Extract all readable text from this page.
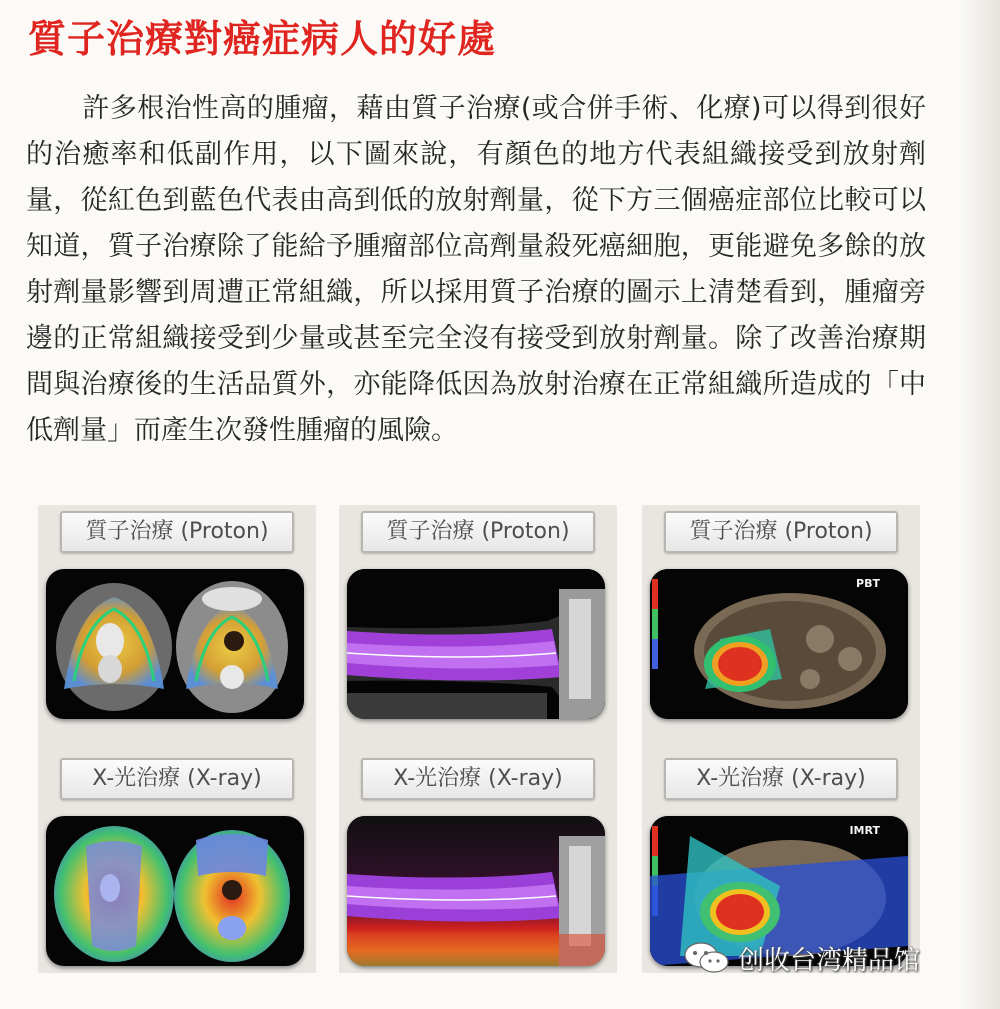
質子治療對癌症病人的好處

許多根治性高的腫瘤，藉由質子治療(或合併手術、化療)可以得到很好的治癒率和低副作用，以下圖來說，有顏色的地方代表組織接受到放射劑量，從紅色到藍色代表由高到低的放射劑量，從下方三個癌症部位比較可以知道，質子治療除了能給予腫瘤部位高劑量殺死癌細胞，更能避免多餘的放射劑量影響到周遭正常組織，所以採用質子治療的圖示上清楚看到，腫瘤旁邊的正常組織接受到少量或甚至完全沒有接受到放射劑量。除了改善治療期間與治療後的生活品質外，亦能降低因為放射治療在正常組織所造成的「中低劑量」而產生次發性腫瘤的風險。

質子治療 (Proton)
X-光治療 (X-ray)
質子治療 (Proton)
X-光治療 (X-ray)
質子治療 (Proton)
PBT
X-光治療 (X-ray)
IMRT
创收台湾精品馆
